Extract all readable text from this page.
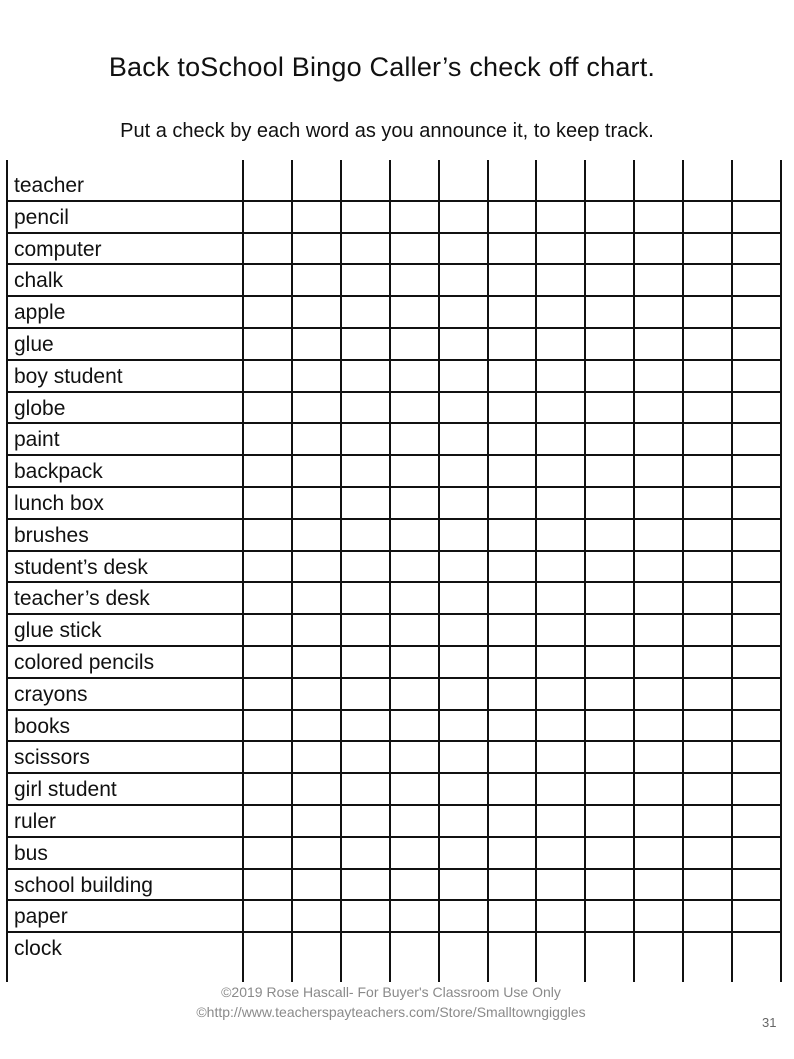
Back toSchool Bingo Caller’s check off chart.
Put a check by each word as you announce it, to keep track.
teacher
pencil
computer
chalk
apple
glue
boy student
globe
paint
backpack
lunch box
brushes
student’s desk
teacher’s desk
glue stick
colored pencils
crayons
books
scissors
girl student
ruler
bus
school building
paper
clock
©2019 Rose Hascall- For Buyer's Classroom Use Only
©http://www.teacherspayteachers.com/Store/Smalltowngiggles
31
